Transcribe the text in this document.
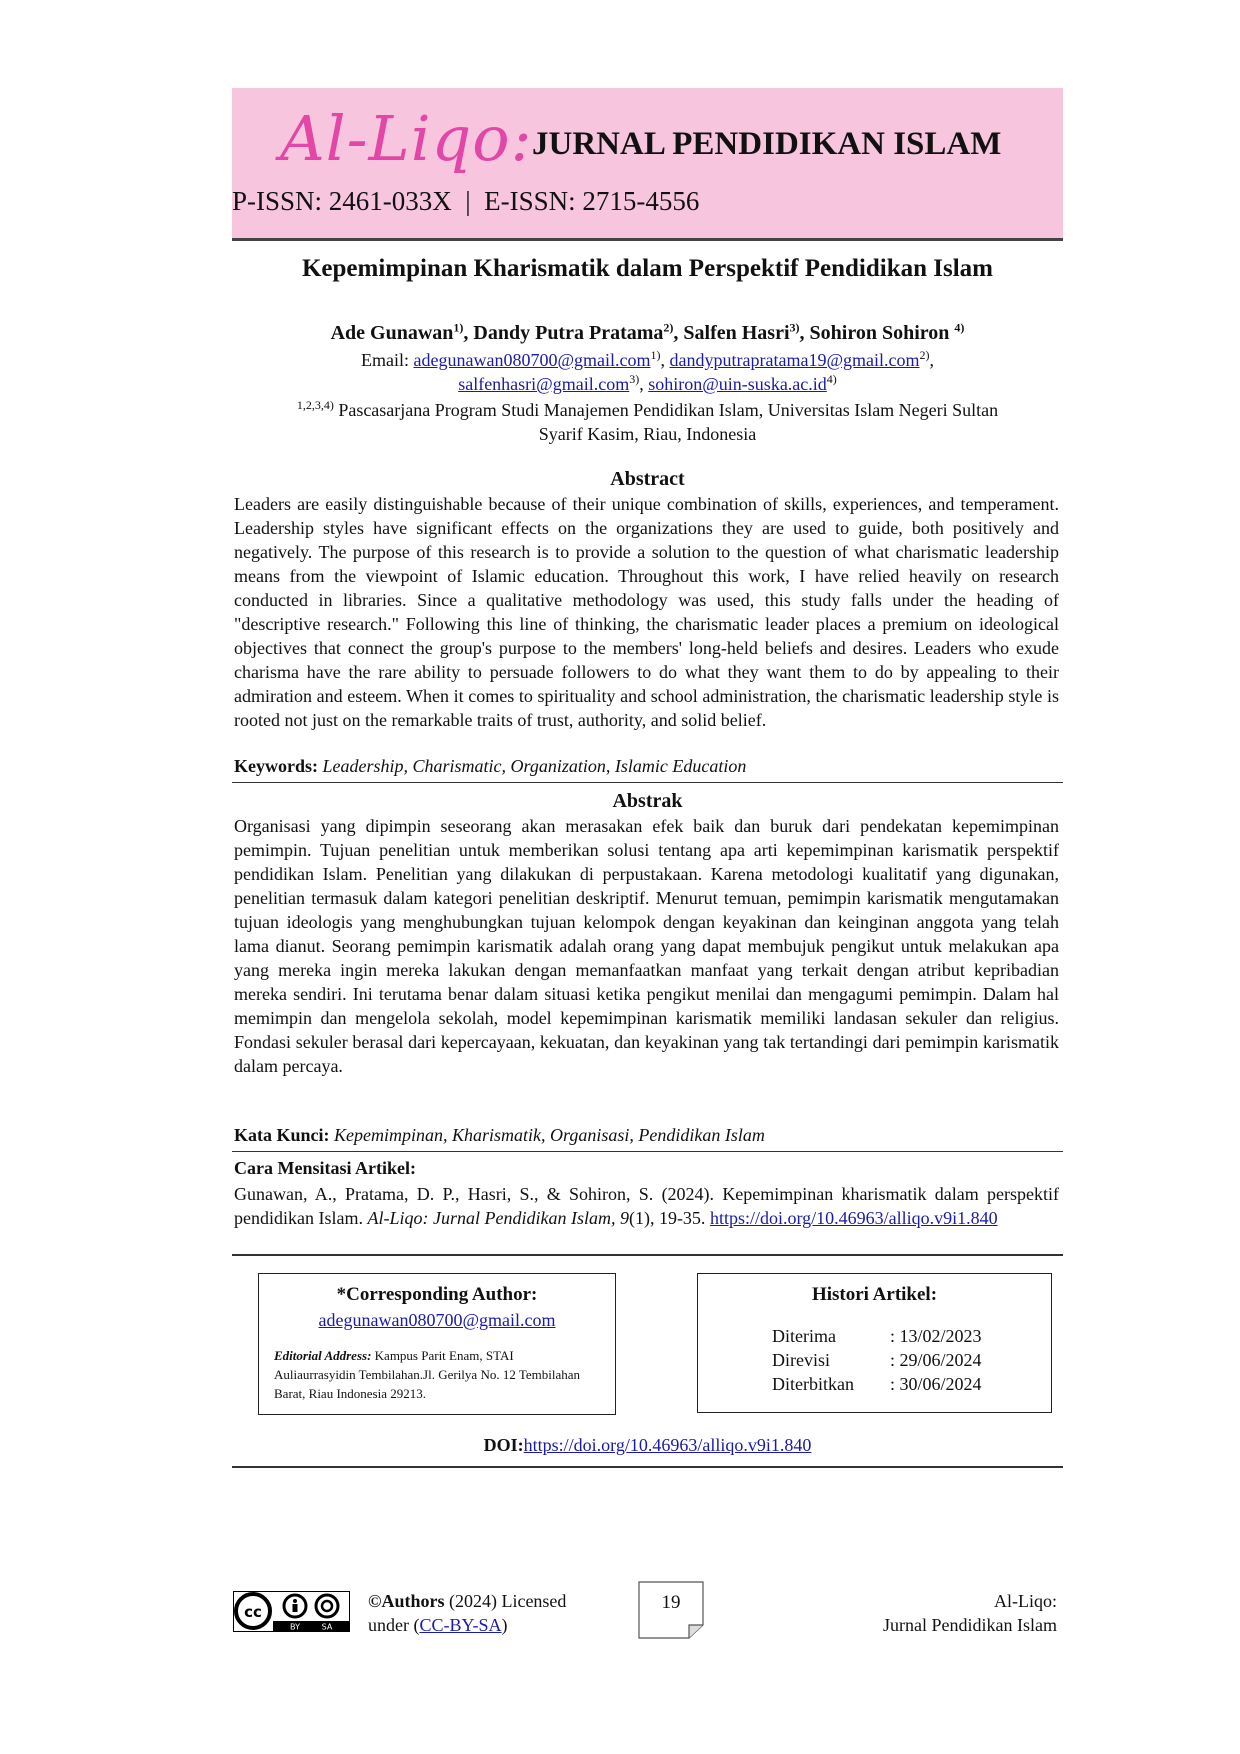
Al-Liqo: JURNAL PENDIDIKAN ISLAM
P-ISSN: 2461-033X  |  E-ISSN: 2715-4556
Kepemimpinan Kharismatik dalam Perspektif Pendidikan Islam
Ade Gunawan$^{1)}$, Dandy Putra Pratama$^{2)}$, Salfen Hasri$^{3)}$, Sohiron Sohiron $^{4)}$
Email: adegunawan080700@gmail.com$^{1)}$, dandyputrapratama19@gmail.com$^{2)}$,
salfenhasri@gmail.com$^{3)}$, $sohiron@uin-suska.ac.id^{4)}$
$^{1,2,3,4)}$ Pascasarjana Program Studi Manajemen Pendidikan Islam, Universitas Islam Negeri Sultan
Syarif Kasim, Riau, Indonesia
Abstract
Leaders are easily distinguishable because of their unique combination of skills, experiences, and temperament. Leadership styles have significant effects on the organizations they are used to guide, both positively and negatively. The purpose of this research is to provide a solution to the question of what charismatic leadership means from the viewpoint of Islamic education. Throughout this work, I have relied heavily on research conducted in libraries. Since a qualitative methodology was used, this study falls under the heading of "descriptive research." Following this line of thinking, the charismatic leader places a premium on ideological objectives that connect the group's purpose to the members' long-held beliefs and desires. Leaders who exude charisma have the rare ability to persuade followers to do what they want them to do by appealing to their admiration and esteem. When it comes to spirituality and school administration, the charismatic leadership style is rooted not just on the remarkable traits of trust, authority, and solid belief.
Keywords: Leadership, Charismatic, Organization, Islamic Education
Abstrak
Organisasi yang dipimpin seseorang akan merasakan efek baik dan buruk dari pendekatan kepemimpinan pemimpin. Tujuan penelitian untuk memberikan solusi tentang apa arti kepemimpinan karismatik perspektif pendidikan Islam. Penelitian yang dilakukan di perpustakaan. Karena metodologi kualitatif yang digunakan, penelitian termasuk dalam kategori penelitian deskriptif. Menurut temuan, pemimpin karismatik mengutamakan tujuan ideologis yang menghubungkan tujuan kelompok dengan keyakinan dan keinginan anggota yang telah lama dianut. Seorang pemimpin karismatik adalah orang yang dapat membujuk pengikut untuk melakukan apa yang mereka ingin mereka lakukan dengan memanfaatkan manfaat yang terkait dengan atribut kepribadian mereka sendiri. Ini terutama benar dalam situasi ketika pengikut menilai dan mengagumi pemimpin. Dalam hal memimpin dan mengelola sekolah, model kepemimpinan karismatik memiliki landasan sekuler dan religius. Fondasi sekuler berasal dari kepercayaan, kekuatan, dan keyakinan yang tak tertandingi dari pemimpin karismatik dalam percaya.
Kata Kunci: Kepemimpinan, Kharismatik, Organisasi, Pendidikan Islam
Cara Mensitasi Artikel:
Gunawan, A., Pratama, D. P., Hasri, S., & Sohiron, S. (2024). Kepemimpinan kharismatik dalam perspektif pendidikan Islam. Al-Liqo: Jurnal Pendidikan Islam, 9(1), 19-35. https://doi.org/10.46963/alliqo.v9i1.840
*Corresponding Author:
adegunawan080700@gmail.com
Editorial Address: Kampus Parit Enam, STAI Auliaurrasyidin Tembilahan.Jl. Gerilya No. 12 Tembilahan Barat, Riau Indonesia 29213.
Histori Artikel:
Diterima	: 13/02/2023
Direvisi	: 29/06/2024
Diterbitkan : 30/06/2024
DOI:https://doi.org/10.46963/alliqo.v9i1.840
cc
BY	SA
©Authors (2024) Licensed
under (CC-BY-SA)
19	Al-Liqo:
Jurnal Pendidikan Islam
